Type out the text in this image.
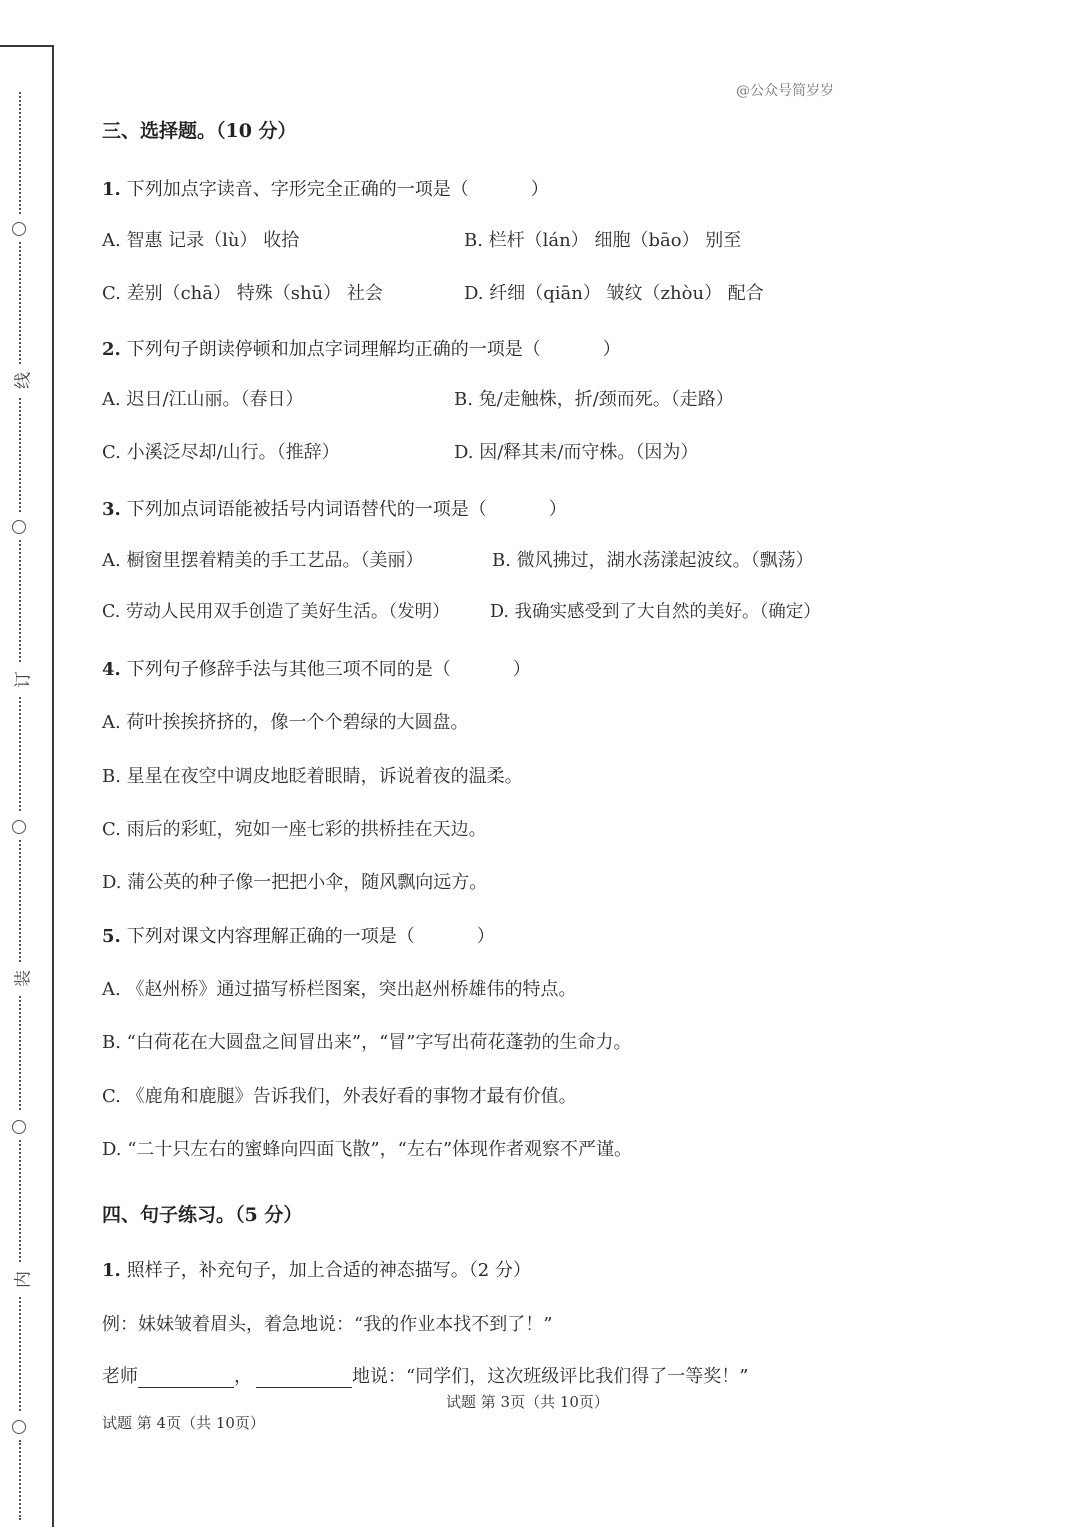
线
订
装
内
@公众号简岁岁
三、选择题。（10 分）
1. 下列加点字读音、字形完全正确的一项是（	）
A. 智惠 记录（lù） 收拾	B. 栏杆（lán） 细胞（bāo） 别至
C. 差别（chā） 特殊（shū） 社会	D. 纤细（qiān） 皱纹（zhòu） 配合
2. 下列句子朗读停顿和加点字词理解均正确的一项是（	）
A. 迟日/江山丽。（春日）	B. 兔/走触株，折/颈而死。（走路）
C. 小溪泛尽却/山行。（推辞）	D. 因/释其耒/而守株。（因为）
3. 下列加点词语能被括号内词语替代的一项是（	）
A. 橱窗里摆着精美的手工艺品。（美丽）	B. 微风拂过，湖水荡漾起波纹。（飘荡）
C. 劳动人民用双手创造了美好生活。（发明） D. 我确实感受到了大自然的美好。（确定）
4. 下列句子修辞手法与其他三项不同的是（	）
A. 荷叶挨挨挤挤的，像一个个碧绿的大圆盘。
B. 星星在夜空中调皮地眨着眼睛，诉说着夜的温柔。
C. 雨后的彩虹，宛如一座七彩的拱桥挂在天边。
D. 蒲公英的种子像一把把小伞，随风飘向远方。
5. 下列对课文内容理解正确的一项是（	）
A. 《赵州桥》通过描写桥栏图案，突出赵州桥雄伟的特点。
B. “白荷花在大圆盘之间冒出来”，“冒”字写出荷花蓬勃的生命力。
C. 《鹿角和鹿腿》告诉我们，外表好看的事物才最有价值。
D. “二十只左右的蜜蜂向四面飞散”，“左右”体现作者观察不严谨。
四、句子练习。（5 分）
1. 照样子，补充句子，加上合适的神态描写。（2 分）
例：妹妹皱着眉头，着急地说：“我的作业本找不到了！”
老师	，	地说：“同学们，这次班级评比我们得了一等奖！”
试题 第 3页（共 10页）
试题 第 4页（共 10页）
